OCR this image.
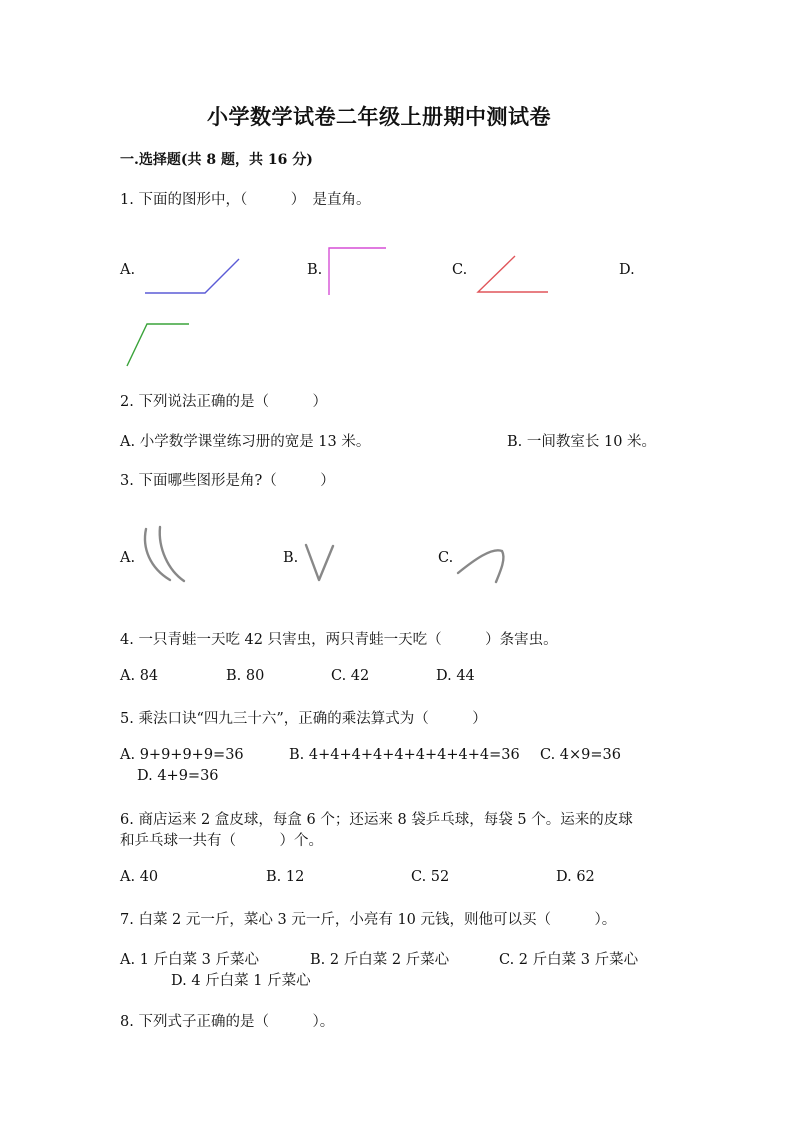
小学数学试卷二年级上册期中测试卷
一.选择题(共 8 题，共 16 分)
1. 下面的图形中，（　　　）　是直角。
A.	B.	C.	D.
2. 下列说法正确的是（　　　）
A. 小学数学课堂练习册的宽是 13 米。	B. 一间教室长 10 米。
3. 下面哪些图形是角?（　　　）
A.	B.	C.
4. 一只青蛙一天吃 42 只害虫，两只青蛙一天吃（　　　）条害虫。
A. 84	B. 80	C. 42	D. 44
5. 乘法口诀“四九三十六”，正确的乘法算式为（　　　）
A. 9+9+9+9=36	B. 4+4+4+4+4+4+4+4+4=36 C. 4×9=36
D. 4+9=36
6. 商店运来 2 盒皮球，每盒 6 个；还运来 8 袋乒乓球，每袋 5 个。运来的皮球
和乒乓球一共有（　　　）个。
A. 40	B. 12	C. 52	D. 62
7. 白菜 2 元一斤，菜心 3 元一斤，小亮有 10 元钱，则他可以买（　　　）。
A. 1 斤白菜 3 斤菜心	B. 2 斤白菜 2 斤菜心	C. 2 斤白菜 3 斤菜心
D. 4 斤白菜 1 斤菜心
8. 下列式子正确的是（　　　）。
